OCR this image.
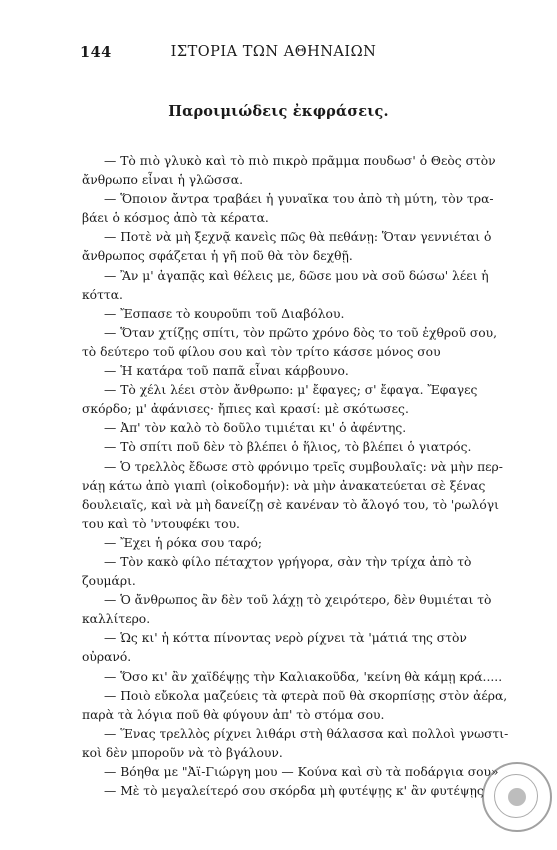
144	ΙΣΤΟΡΙΑ ΤΩΝ ΑΘΗΝΑΙΩΝ
Παροιμιώδεις ἐκφράσεις.

— Τὸ πιὸ γλυκὸ καὶ τὸ πιὸ πικρὸ πρᾶμμα πουδωσ' ὁ Θεὸς στὸν

ἄνθρωπο εἶναι ἡ γλῶσσα.

— Ὅποιον ἄντρα τραβάει ἡ γυναῖκα του ἀπὸ τὴ μύτη, τὸν τρα-

βάει ὁ κόσμος ἀπὸ τὰ κέρατα.

— Ποτὲ νὰ μὴ ξεχνᾷ κανεὶς πῶς θὰ πεθάνῃ: Ὅταν γεννιέται ὁ

ἄνθρωπος σφάζεται ἡ γῆ ποῦ θὰ τὸν δεχθῇ.

— Ἂν μ' ἀγαπᾷς καὶ θέλεις με, δῶσε μου νὰ σοῦ δώσω' λέει ἡ

κόττα.

— Ἔσπασε τὸ κουροῦπι τοῦ Διαβόλου.

— Ὅταν χτίζῃς σπίτι, τὸν πρῶτο χρόνο δὸς το τοῦ ἐχθροῦ σου,

τὸ δεύτερο τοῦ φίλου σου καὶ τὸν τρίτο κάσσε μόνος σου

— Ἡ κατάρα τοῦ παπᾶ εἶναι κάρβουνο.

— Τὸ χέλι λέει στὸν ἄνθρωπο: μ' ἔφαγες; σ' ἔφαγα. Ἔφαγες

σκόρδο; μ' ἀφάνισες· ἤπιες καὶ κρασί: μὲ σκότωσες.

— Ἀπ' τὸν καλὸ τὸ δοῦλο τιμιέται κι' ὁ ἀφέντης.

— Τὸ σπίτι ποῦ δὲν τὸ βλέπει ὁ ἥλιος, τὸ βλέπει ὁ γιατρός.

— Ὁ τρελλὸς ἔδωσε στὸ φρόνιμο τρεῖς συμβουλαῖς: νὰ μὴν περ-

νάῃ κάτω ἀπὸ γιαπὶ (οἰκοδομήν): νὰ μὴν ἀνακατεύεται σὲ ξένας

δουλειαῖς, καὶ νὰ μὴ δανείζῃ σὲ κανέναν τὸ ἄλογό του, τὸ 'ρωλόγι

του καὶ τὸ 'ντουφέκι του.

— Ἔχει ἡ ρόκα σου ταρό;

— Τὸν κακὸ φίλο πέταχτον γρήγορα, σὰν τὴν τρίχα ἀπὸ τὸ

ζουμάρι.

— Ὁ ἄνθρωπος ἂν δὲν τοῦ λάχῃ τὸ χειρότερο, δὲν θυμιέται τὸ

καλλίτερο.

— Ὡς κι' ἡ κόττα πίνοντας νερὸ ρίχνει τὰ 'μάτιά της στὸν

οὐρανό.

— Ὅσο κι' ἂν χαϊδέψῃς τὴν Καλιακοῦδα, 'κείνη θὰ κάμῃ κρά.....

— Ποιὸ εὔκολα μαζεύεις τὰ φτερὰ ποῦ θὰ σκορπίσῃς στὸν ἀέρα,

παρὰ τὰ λόγια ποῦ θὰ φύγουν ἀπ' τὸ στόμα σου.

— Ἕνας τρελλὸς ρίχνει λιθάρι στὴ θάλασσα καὶ πολλοὶ γνωστι-

κοὶ δὲν μποροῦν νὰ τὸ βγάλουν.

— Βόηθα με "Ἀϊ-Γιώργη μου — Κούνα καὶ σὺ τὰ ποδάργια σου»

— Μὲ τὸ μεγαλείτερό σου σκόρδα μὴ φυτέψῃς κ' ἂν φυτέψῃς
